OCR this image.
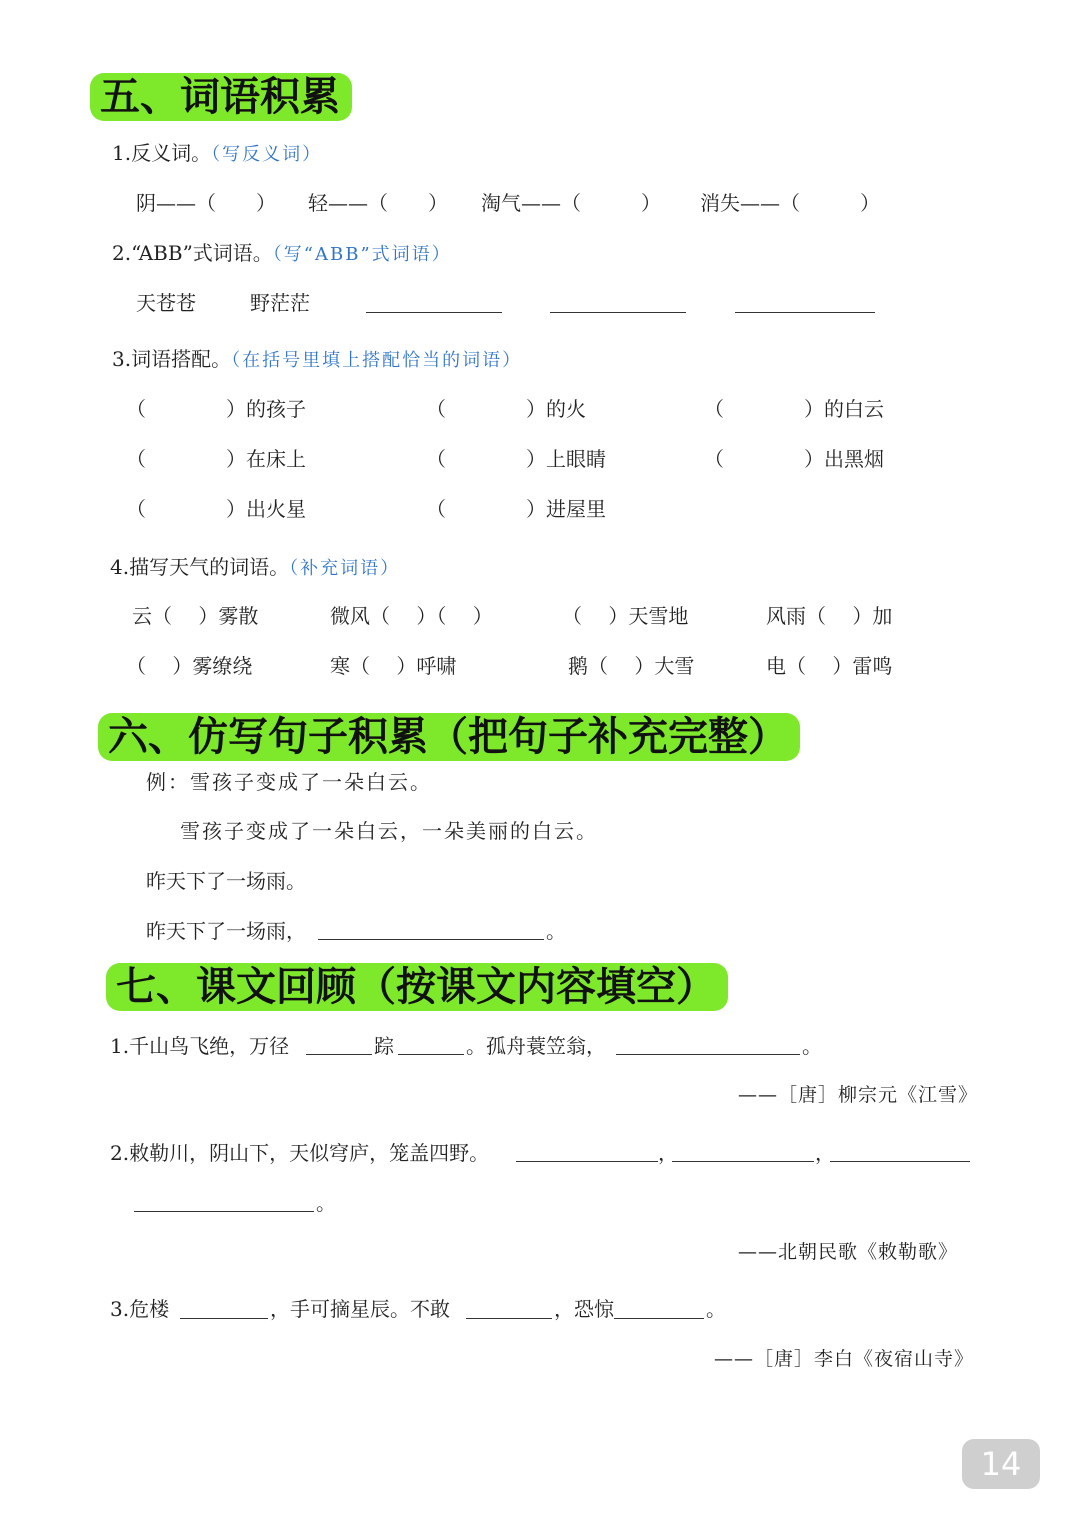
五、词语积累
1.反义词。（写反义词）
阴——（　　） 轻——（　　） 淘气——（　　　） 消失——（　　　）
2.“ABB”式词语。（写“ABB”式词语）
天苍苍	野茫茫
3.词语搭配。（在括号里填上搭配恰当的词语）
（　　　　）的孩子	（　　　　）的火	（　　　　）的白云
（　　　　）在床上	（　　　　）上眼睛	（　　　　）出黑烟
（　　　　）出火星	（　　　　）进屋里
4.描写天气的词语。（补充词语）
云（　 ）雾散	微风（　 ）（　 ）	（　 ）天雪地	风雨（　 ）加
（　 ）雾缭绕	寒（　 ）呼啸	鹅（　 ）大雪	电（　 ）雷鸣
六、仿写句子积累（把句子补充完整）
例：雪孩子变成了一朵白云。
雪孩子变成了一朵白云，一朵美丽的白云。
昨天下了一场雨。
昨天下了一场雨，	。
七、课文回顾（按课文内容填空）
1.千山鸟飞绝，万径	踪	。孤舟蓑笠翁，	。
——［唐］柳宗元《江雪》
2.敕勒川，阴山下，天似穹庐，笼盖四野。	，	，
。
——北朝民歌《敕勒歌》
3.危楼	，手可摘星辰。不敢	，恐惊	。
——［唐］李白《夜宿山寺》
14
